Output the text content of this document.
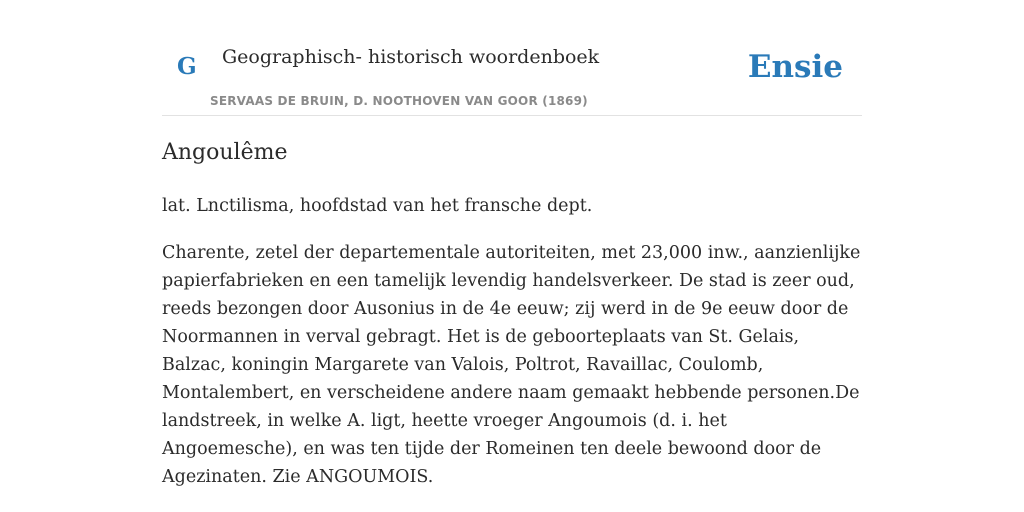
G Geographisch- historisch woordenboek
SERVAAS DE BRUIN, D. NOOTHOVEN VAN GOOR (1869)
Ensie
Angoulême

lat. Lnctilisma, hoofdstad van het fransche dept.

Charente, zetel der departementale autoriteiten, met 23,000 inw., aanzienlijke papierfabrieken en een tamelijk levendig handelsverkeer. De stad is zeer oud, reeds bezongen door Ausonius in de 4e eeuw; zij werd in de 9e eeuw door de Noormannen in verval gebragt. Het is de geboorteplaats van St. Gelais, Balzac, koningin Margarete van Valois, Poltrot, Ravaillac, Coulomb, Montalembert, en verscheidene andere naam gemaakt hebbende personen.De landstreek, in welke A. ligt, heette vroeger Angoumois (d. i. het Angoemesche), en was ten tijde der Romeinen ten deele bewoond door de Agezinaten. Zie ANGOUMOIS.
